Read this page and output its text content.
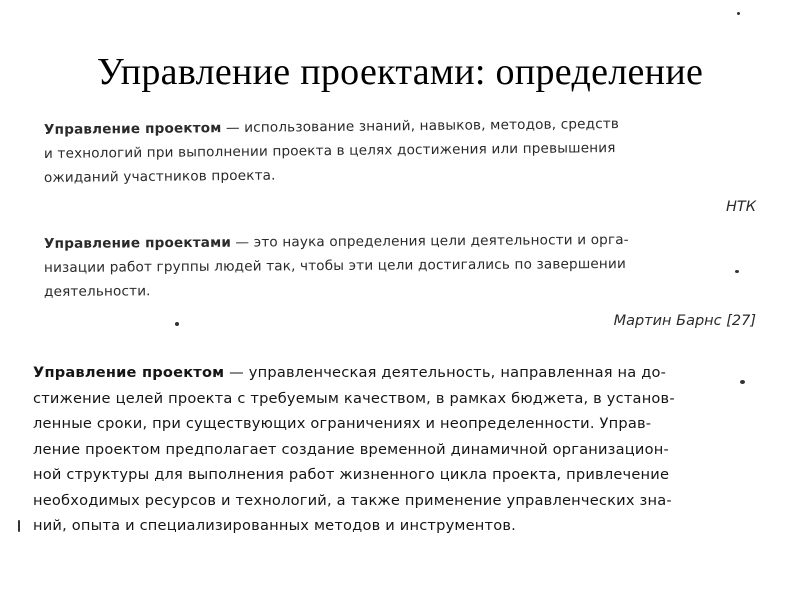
Управление проектами: определение
Управление проектом — использование знаний, навыков, методов, средств
и технологий при выполнении проекта в целях достижения или превышения
ожиданий участников проекта.
НТК
Управление проектами — это наука определения цели деятельности и орга-
низации работ группы людей так, чтобы эти цели достигались по завершении
деятельности.
Мартин Барнс [27]
Управление проектом — управленческая деятельность, направленная на до-
стижение целей проекта с требуемым качеством, в рамках бюджета, в установ-
ленные сроки, при существующих ограничениях и неопределенности. Управ-
ление проектом предполагает создание временной динамичной организацион-
ной структуры для выполнения работ жизненного цикла проекта, привлечение
необходимых ресурсов и технологий, а также применение управленческих зна-
ний, опыта и специализированных методов и инструментов.
